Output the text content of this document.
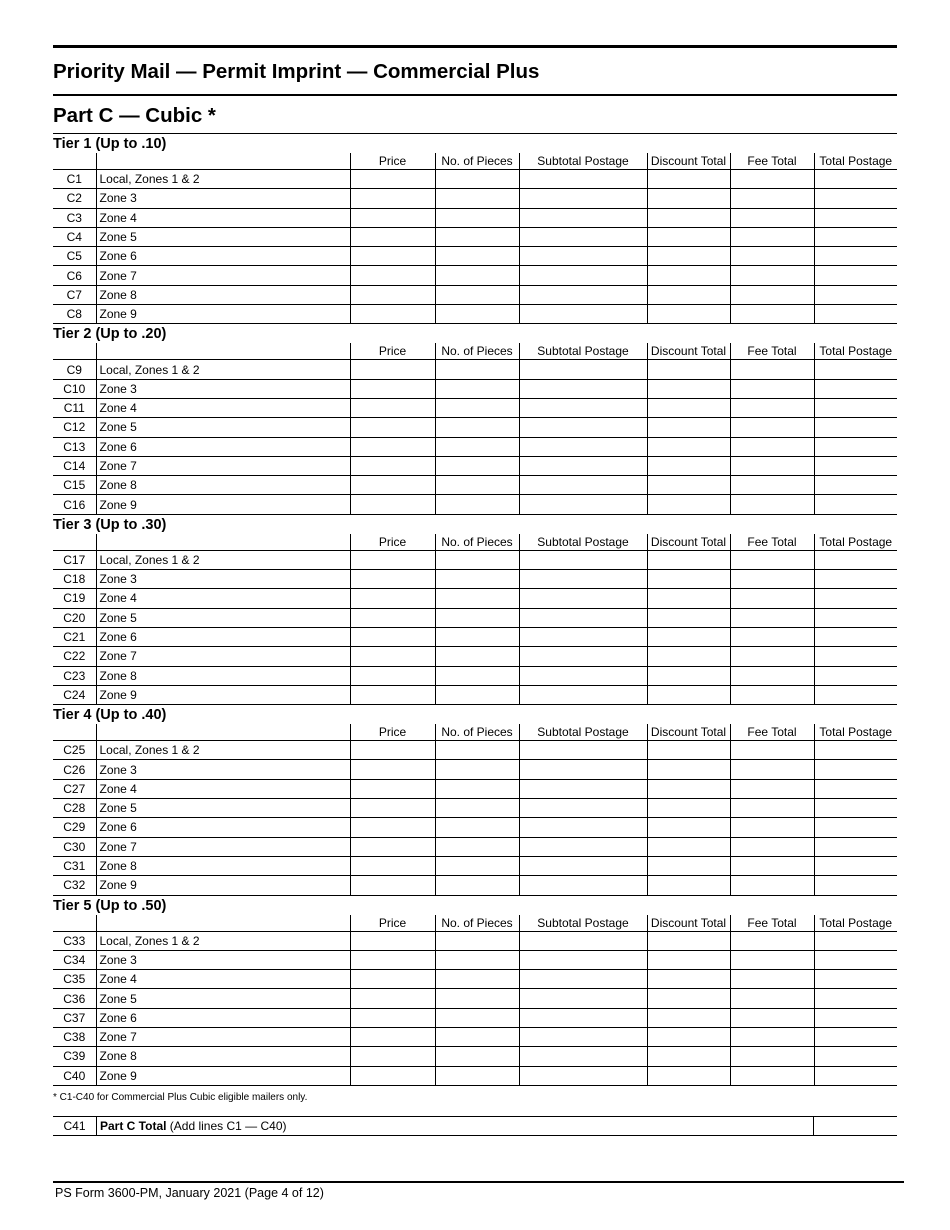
Priority Mail — Permit Imprint — Commercial Plus
Part C — Cubic *
Tier 1 (Up to .10)
		Price	No. of Pieces	Subtotal Postage	Discount Total	Fee Total	Total Postage
C1	Local, Zones 1 & 2						
C2	Zone 3						
C3	Zone 4						
C4	Zone 5						
C5	Zone 6						
C6	Zone 7						
C7	Zone 8						
C8	Zone 9						
Tier 2 (Up to .20)
		Price	No. of Pieces	Subtotal Postage	Discount Total	Fee Total	Total Postage
C9	Local, Zones 1 & 2						
C10	Zone 3						
C11	Zone 4						
C12	Zone 5						
C13	Zone 6						
C14	Zone 7						
C15	Zone 8						
C16	Zone 9						
Tier 3 (Up to .30)
		Price	No. of Pieces	Subtotal Postage	Discount Total	Fee Total	Total Postage
C17	Local, Zones 1 & 2						
C18	Zone 3						
C19	Zone 4						
C20	Zone 5						
C21	Zone 6						
C22	Zone 7						
C23	Zone 8						
C24	Zone 9						
Tier 4 (Up to .40)
		Price	No. of Pieces	Subtotal Postage	Discount Total	Fee Total	Total Postage
C25	Local, Zones 1 & 2						
C26	Zone 3						
C27	Zone 4						
C28	Zone 5						
C29	Zone 6						
C30	Zone 7						
C31	Zone 8						
C32	Zone 9						
Tier 5 (Up to .50)
		Price	No. of Pieces	Subtotal Postage	Discount Total	Fee Total	Total Postage
C33	Local, Zones 1 & 2						
C34	Zone 3						
C35	Zone 4						
C36	Zone 5						
C37	Zone 6						
C38	Zone 7						
C39	Zone 8						
C40	Zone 9						
* C1-C40 for Commercial Plus Cubic eligible mailers only.
C41	Part C Total (Add lines C1 — C40)	
PS Form 3600-PM, January 2021 (Page 4 of 12)
